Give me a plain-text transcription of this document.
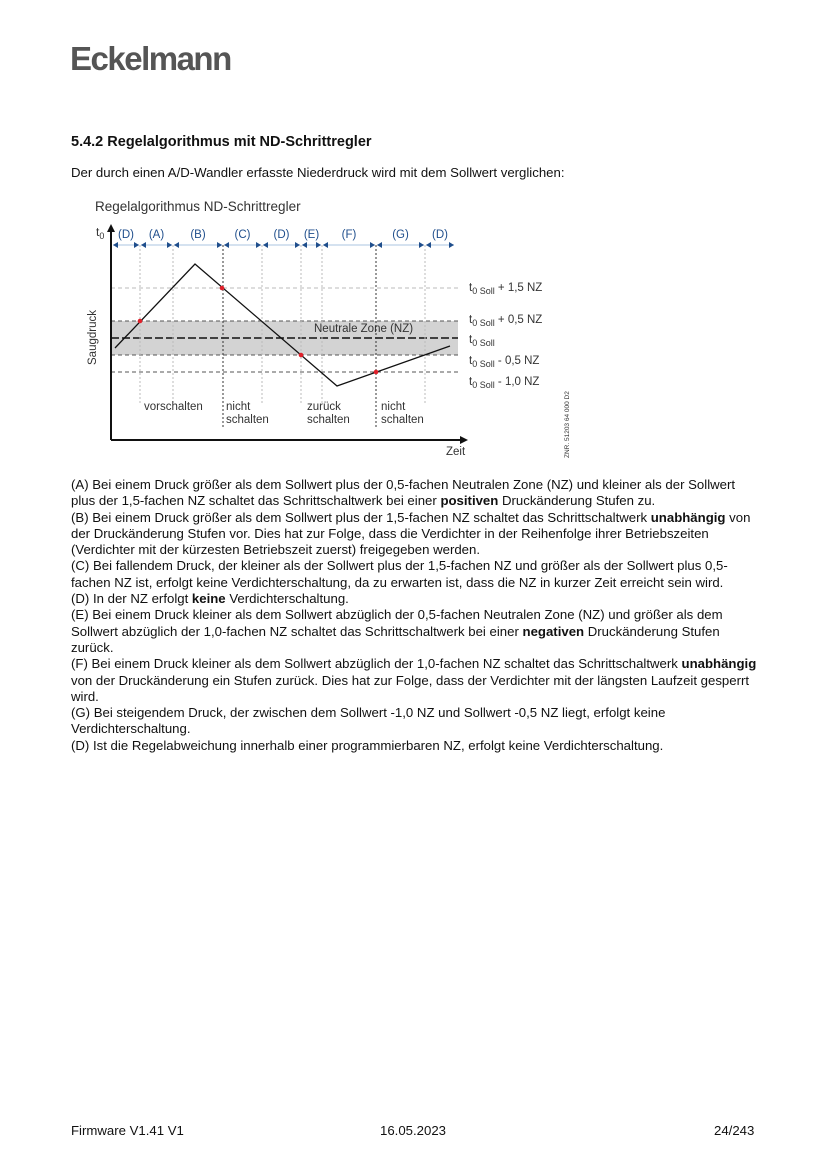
Eckelmann
5.4.2 Regelalgorithmus mit ND-Schrittregler
Der durch einen A/D-Wandler erfasste Niederdruck wird mit dem Sollwert verglichen:
Regelalgorithmus ND-Schrittregler
(D) (A) (B)	(C) (D) (E) (F)	(G) (D)
$t_0$
Saugdruck
Zeit
Neutrale Zone (NZ)
$t_{0 Soll} + 1,5$ NZ
$t_{0 Soll} + 0,5$ NZ
$t_{0 Soll}$
$t_{0 Soll} - 0,5$ NZ
$t_{0 Soll} - 1,0$ NZ
vorschalten nicht
schalten
zurück
schalten
nicht
schalten	ZNR. 51203 64 000 D2

(A) Bei einem Druck größer als dem Sollwert plus der 0,5-fachen Neutralen Zone (NZ) und kleiner als der Sollwert plus der 1,5-fachen NZ schaltet das Schrittschaltwerk bei einer positiven Druckänderung Stufen zu.

(B) Bei einem Druck größer als dem Sollwert plus der 1,5-fachen NZ schaltet das Schrittschaltwerk unabhängig von der Druckänderung Stufen vor. Dies hat zur Folge, dass die Verdichter in der Reihenfolge ihrer Betriebszeiten (Verdichter mit der kürzesten Betriebszeit zuerst) freigegeben werden.

(C) Bei fallendem Druck, der kleiner als der Sollwert plus der 1,5-fachen NZ und größer als der Sollwert plus 0,5-fachen NZ ist, erfolgt keine Verdichterschaltung, da zu erwarten ist, dass die NZ in kurzer Zeit erreicht sein wird.

(D) In der NZ erfolgt keine Verdichterschaltung.

(E) Bei einem Druck kleiner als dem Sollwert abzüglich der 0,5-fachen Neutralen Zone (NZ) und größer als dem Sollwert abzüglich der 1,0-fachen NZ schaltet das Schrittschaltwerk bei einer negativen Druckänderung Stufen zurück.

(F) Bei einem Druck kleiner als dem Sollwert abzüglich der 1,0-fachen NZ schaltet das Schrittschaltwerk unabhängig von der Druckänderung ein Stufen zurück. Dies hat zur Folge, dass der Verdichter mit der längsten Laufzeit gesperrt wird.

(G) Bei steigendem Druck, der zwischen dem Sollwert -1,0 NZ und Sollwert -0,5 NZ liegt, erfolgt keine Verdichterschaltung.

(D) Ist die Regelabweichung innerhalb einer programmierbaren NZ, erfolgt keine Verdichterschaltung.

Firmware V1.41 V1	16.05.2023	24/243
